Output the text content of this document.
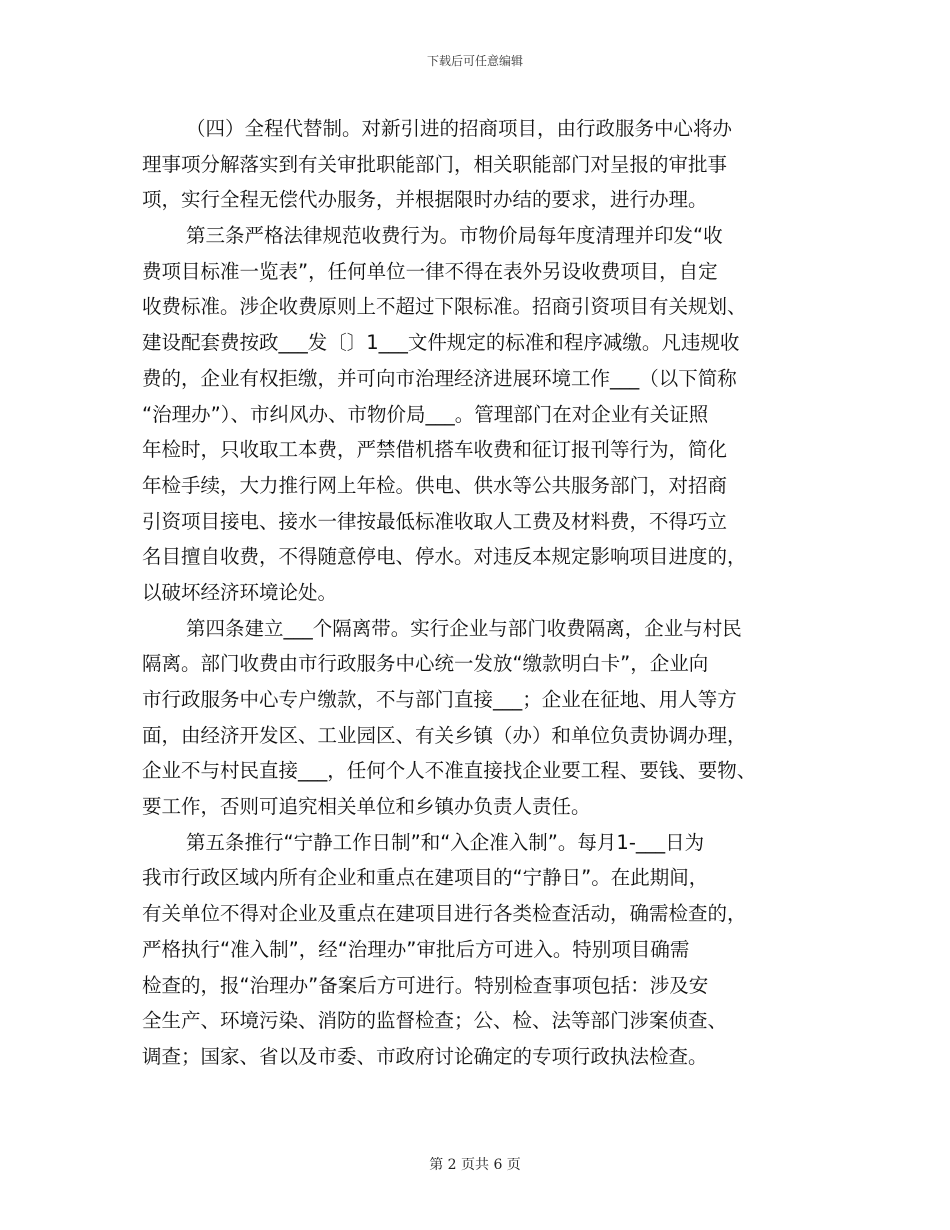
下载后可任意编辑
（四）全程代替制。对新引进的招商项目，由行政服务中心将办
理事项分解落实到有关审批职能部门，相关职能部门对呈报的审批事
项，实行全程无偿代办服务，并根据限时办结的要求，进行办理。
第三条严格法律规范收费行为。市物价局每年度清理并印发“收
费项目标准一览表”，任何单位一律不得在表外另设收费项目，自定
收费标准。涉企收费原则上不超过下限标准。招商引资项目有关规划、
建设配套费按政___发〔〕1___文件规定的标准和程序减缴。凡违规收
费的，企业有权拒缴，并可向市治理经济进展环境工作___（以下简称
“治理办”）、市纠风办、市物价局___。管理部门在对企业有关证照
年检时，只收取工本费，严禁借机搭车收费和征订报刊等行为，简化
年检手续，大力推行网上年检。供电、供水等公共服务部门，对招商
引资项目接电、接水一律按最低标准收取人工费及材料费，不得巧立
名目擅自收费，不得随意停电、停水。对违反本规定影响项目进度的，
以破坏经济环境论处。
第四条建立___个隔离带。实行企业与部门收费隔离，企业与村民
隔离。部门收费由市行政服务中心统一发放“缴款明白卡”，企业向
市行政服务中心专户缴款，不与部门直接___；企业在征地、用人等方
面，由经济开发区、工业园区、有关乡镇（办）和单位负责协调办理，
企业不与村民直接___，任何个人不准直接找企业要工程、要钱、要物、
要工作，否则可追究相关单位和乡镇办负责人责任。
第五条推行“宁静工作日制”和“入企准入制”。每月1-___日为
我市行政区域内所有企业和重点在建项目的“宁静日”。在此期间，
有关单位不得对企业及重点在建项目进行各类检查活动，确需检查的，
严格执行“准入制”，经“治理办”审批后方可进入。特别项目确需
检查的，报“治理办”备案后方可进行。特别检查事项包括：涉及安
全生产、环境污染、消防的监督检查；公、检、法等部门涉案侦查、
调查；国家、省以及市委、市政府讨论确定的专项行政执法检查。
第 2 页共 6 页
